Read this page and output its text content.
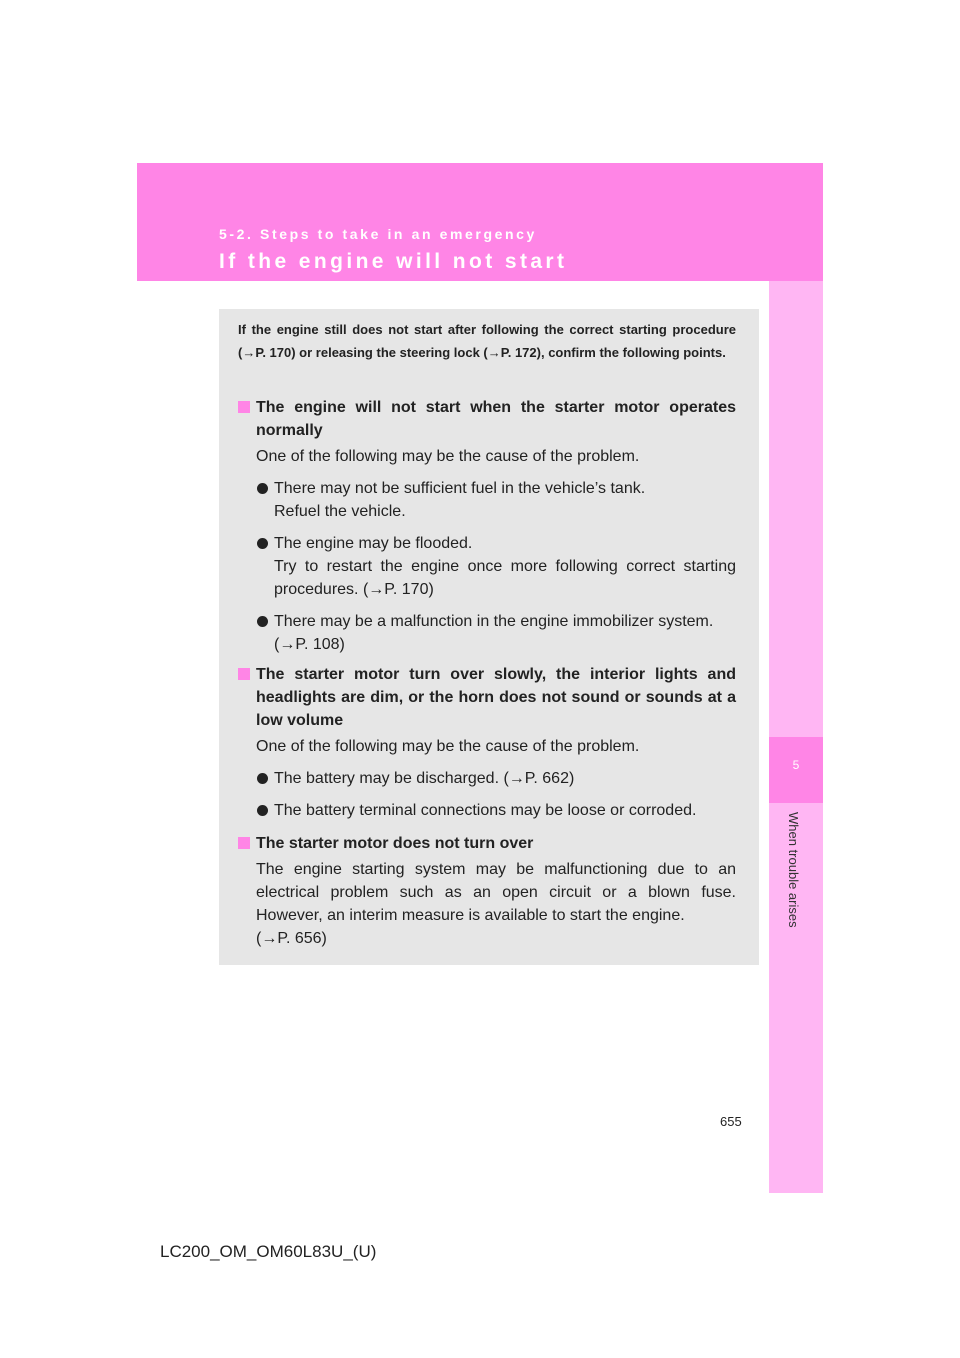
5-2. Steps to take in an emergency
If the engine will not start
5
When trouble arises
If the engine still does not start after following the correct starting procedure (→P. 170) or releasing the steering lock (→P. 172), confirm the following points.
The engine will not start when the starter motor operates normally
One of the following may be the cause of the problem.
There may not be sufficient fuel in the vehicle’s tank.
Refuel the vehicle.
The engine may be flooded.
Try to restart the engine once more following correct starting procedures. (→P. 170)
There may be a malfunction in the engine immobilizer system.
(→P. 108)
The starter motor turn over slowly, the interior lights and headlights are dim, or the horn does not sound or sounds at a low volume
One of the following may be the cause of the problem.
The battery may be discharged. (→P. 662)
The battery terminal connections may be loose or corroded.
The starter motor does not turn over
The engine starting system may be malfunctioning due to an electrical problem such as an open circuit or a blown fuse. However, an interim measure is available to start the engine.
(→P. 656)
655
LC200_OM_OM60L83U_(U)
